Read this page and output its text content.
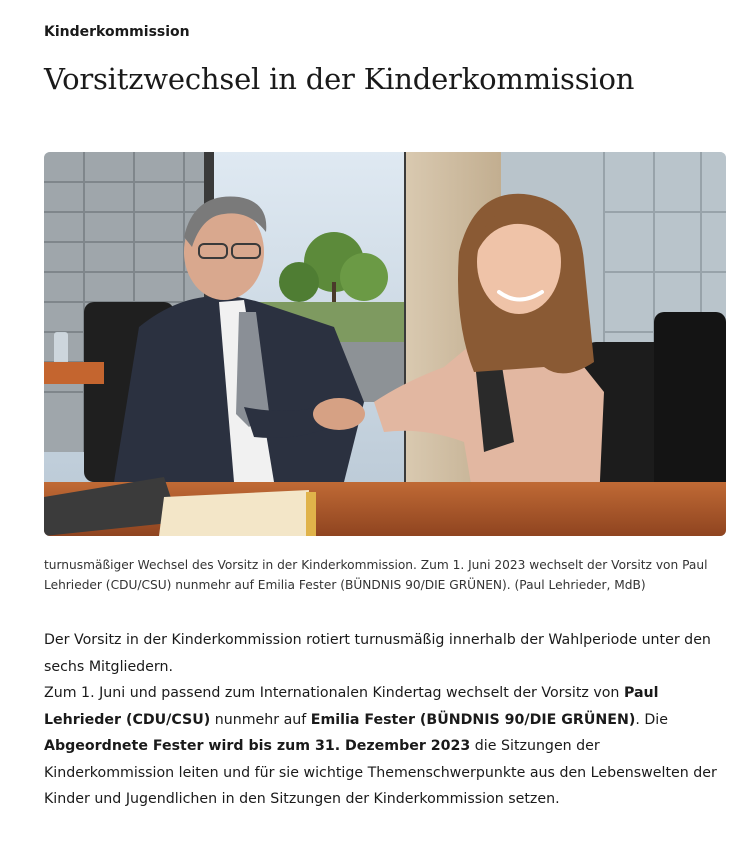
Kinderkommission
Vorsitzwechsel in der Kinderkommission
turnusmäßiger Wechsel des Vorsitz in der Kinderkommission. Zum 1. Juni 2023 wechselt der Vorsitz von Paul Lehrieder (CDU/CSU) nunmehr auf Emilia Fester (BÜNDNIS 90/DIE GRÜNEN). (Paul Lehrieder, MdB)

Der Vorsitz in der Kinderkommission rotiert turnusmäßig innerhalb der Wahlperiode unter den sechs Mitgliedern.

Zum 1. Juni und passend zum Internationalen Kindertag wechselt der Vorsitz von Paul Lehrieder (CDU/CSU) nunmehr auf Emilia Fester (BÜNDNIS 90/DIE GRÜNEN). Die Abgeordnete Fester wird bis zum 31. Dezember 2023 die Sitzungen der Kinderkommission leiten und für sie wichtige Themenschwerpunkte aus den Lebenswelten der Kinder und Jugendlichen in den Sitzungen der Kinderkommission setzen.
